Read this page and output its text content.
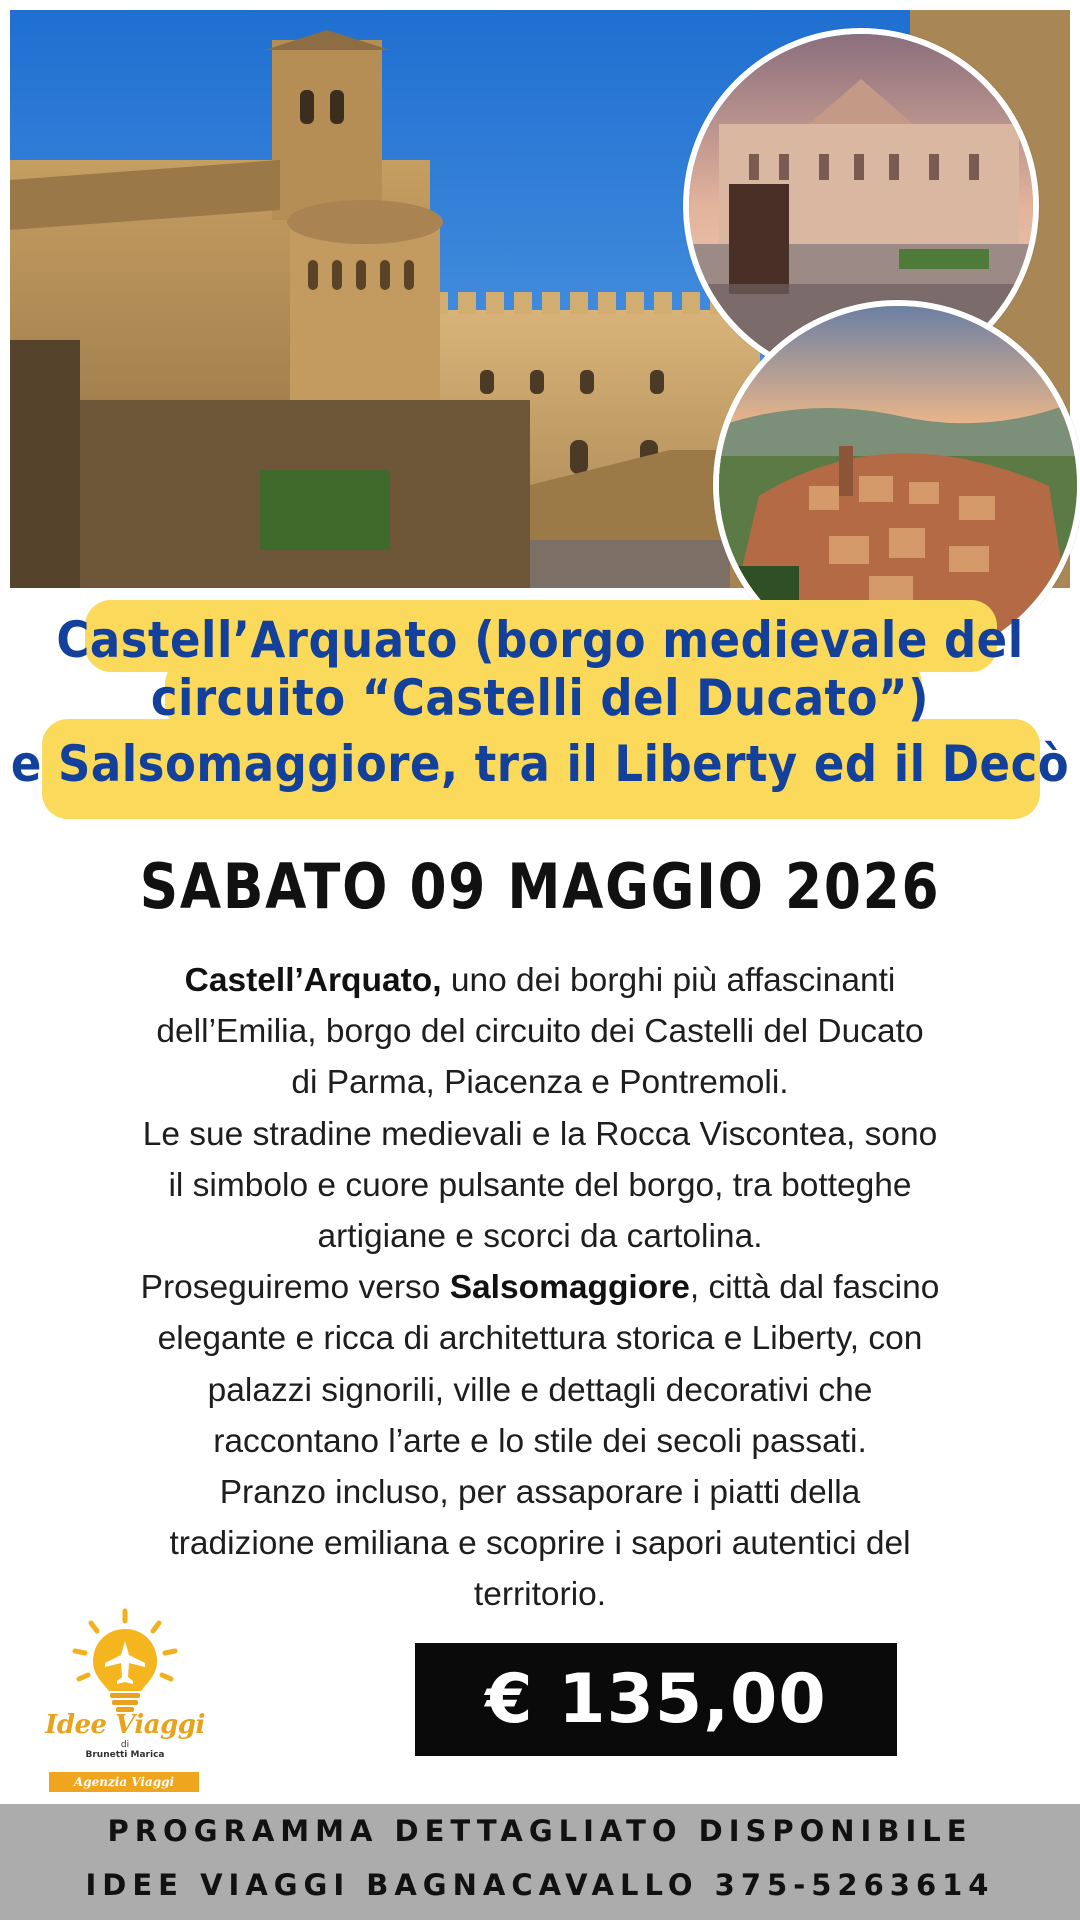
Castell’Arquato (borgo medievale del
circuito “Castelli del Ducato”)
e Salsomaggiore, tra il Liberty ed il Decò
SABATO 09 MAGGIO 2026
Castell’Arquato, uno dei borghi più affascinanti
dell’Emilia, borgo del circuito dei Castelli del Ducato
di Parma, Piacenza e Pontremoli.
Le sue stradine medievali e la Rocca Viscontea, sono
il simbolo e cuore pulsante del borgo, tra botteghe
artigiane e scorci da cartolina.
Proseguiremo verso Salsomaggiore, città dal fascino
elegante e ricca di architettura storica e Liberty, con
palazzi signorili, ville e dettagli decorativi che
raccontano l’arte e lo stile dei secoli passati.
Pranzo incluso, per assaporare i piatti della
tradizione emiliana e scoprire i sapori autentici del
territorio.
Idee Viaggi
di
Brunetti Marica
Agenzia Viaggi
€ 135,00
PROGRAMMA DETTAGLIATO DISPONIBILE
IDEE VIAGGI BAGNACAVALLO 375-5263614
